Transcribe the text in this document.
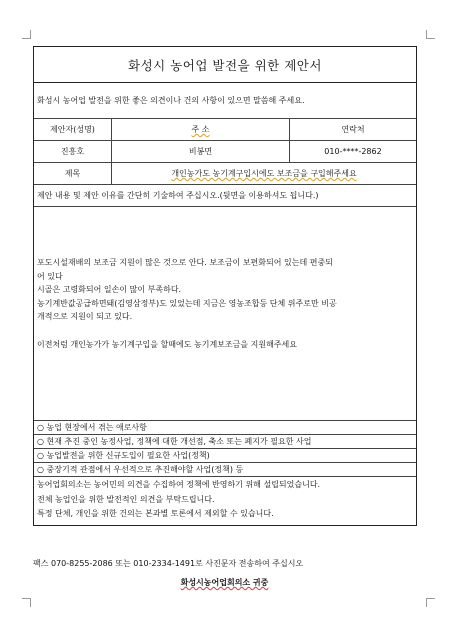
화성시 농어업 발전을 위한 제안서
화성시 농어업 발전을 위한 좋은 의견이나 건의 사항이 있으면 말씀해 주세요.
제안자(성명)	주 소	연락처
진흥호	비봉면	010-****-2862
제목	개인농가도 농기계구입시에도 보조금을 구입해주세요
제안 내용 및 제안 이유를 간단히 기술하여 주십시오.(뒷면을 이용하셔도 됩니다.)

포도시설재배의 보조금 지원이 많은 것으로 안다. 보조금이 보편화되어 있는데 편중되

어 있다

시골은 고령화되어 일손이 많이 부족하다.

농기계반값공급하면돼(김영삼정부)도 있었는데 지금은 영농조합등 단체 위주로만 비공

개적으로 지원이 되고 있다.

이전처럼 개인농가가 농기계구입을 할때에도 농기계보조금을 지원해주세요

○ 농업 현장에서 겪는 애로사항
○ 현재 추진 중인 농정사업, 정책에 대한 개선점, 축소 또는 폐지가 필요한 사업
○ 농업발전을 위한 신규도입이 필요한 사업(정책)
○ 중장기적 관점에서 우선적으로 추진해야할 사업(정책) 등
농어업회의소는 농어민의 의견을 수집하여 정책에 반영하기 위해 설립되었습니다.
전체 농업인을 위한 발전적인 의견을 부탁드립니다.
특정 단체, 개인을 위한 건의는 본과별 토론에서 제외할 수 있습니다.
팩스 070-8255-2086 또는 010-2334-1491로 사진문자 전송하여 주십시오
화성시농어업회의소 귀중
